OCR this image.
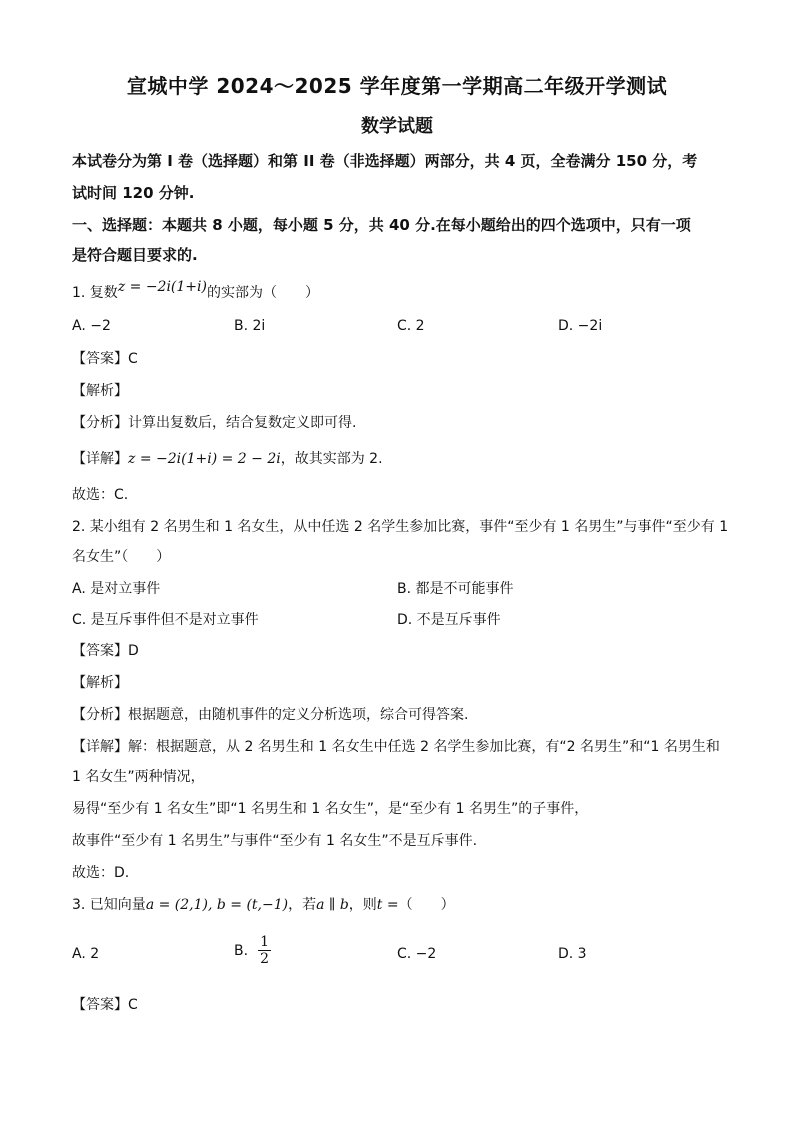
宣城中学 2024～2025 学年度第一学期高二年级开学测试
数学试题
本试卷分为第 I 卷（选择题）和第 II 卷（非选择题）两部分，共 4 页，全卷满分 150 分，考
试时间 120 分钟.
一、选择题：本题共 8 小题，每小题 5 分，共 40 分.在每小题给出的四个选项中，只有一项
是符合题目要求的.
1. 复数z = −2i(1+i)的实部为（　　）
A. −2	B. 2i	C. 2	D. −2i
【答案】C
【解析】
【分析】计算出复数后，结合复数定义即可得.
【详解】z = −2i(1+i) = 2 − 2i，故其实部为 2.
故选：C.
2. 某小组有 2 名男生和 1 名女生，从中任选 2 名学生参加比赛，事件“至少有 1 名男生”与事件“至少有 1
名女生”（　　）
A. 是对立事件	B. 都是不可能事件
C. 是互斥事件但不是对立事件	D. 不是互斥事件
【答案】D
【解析】
【分析】根据题意，由随机事件的定义分析选项，综合可得答案.
【详解】解：根据题意，从 2 名男生和 1 名女生中任选 2 名学生参加比赛，有“2 名男生”和“1 名男生和
1 名女生”两种情况，
易得“至少有 1 名女生”即“1 名男生和 1 名女生”，是“至少有 1 名男生”的子事件，
故事件“至少有 1 名男生”与事件“至少有 1 名女生”不是互斥事件.
故选：D.
3. 已知向量a = (2,1), b = (t,−1)，若a ∥ b，则t =（　　）
A. 2	B. $\frac{1}{2}$	C. −2	D. 3
【答案】C
